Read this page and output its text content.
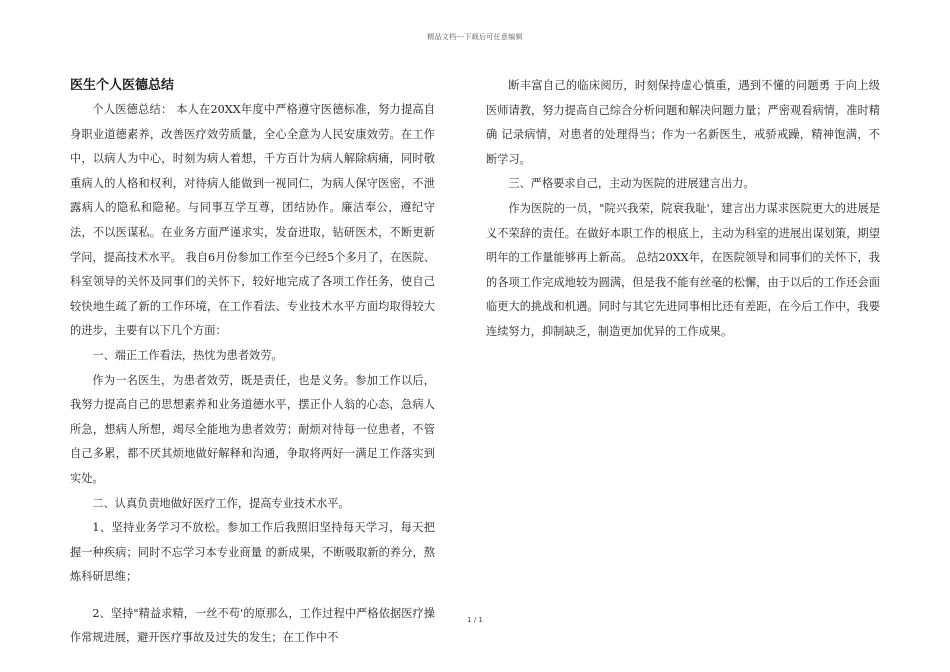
精品文档---下载后可任意编辑
医生个人医德总结

个人医德总结： 本人在20XX年度中严格遵守医德标准，努力提高自身职业道德素养，改善医疗效劳质量，全心全意为人民安康效劳。在工作中，以病人为中心，时刻为病人着想，千方百计为病人解除病痛，同时敬重病人的人格和权利，对待病人能做到一视同仁，为病人保守医密，不泄露病人的隐私和隐秘。与同事互学互尊，团结协作。廉洁奉公，遵纪守法，不以医谋私。在业务方面严谨求实，发奋进取，钻研医术，不断更新学问，提高技术水平。 我自6月份参加工作至今已经5个多月了，在医院、科室领导的关怀及同事们的关怀下，较好地完成了各项工作任务，使自己较快地生疏了新的工作环境，在工作看法、专业技术水平方面均取得较大的进步，主要有以下几个方面：

一、端正工作看法，热忱为患者效劳。

作为一名医生，为患者效劳，既是责任，也是义务。参加工作以后，我努力提高自己的思想素养和业务道德水平，摆正仆人翁的心态，急病人所急，想病人所想，竭尽全能地为患者效劳；耐烦对待每一位患者，不管自己多累，都不厌其烦地做好解释和沟通，争取将两好一满足工作落实到实处。

二、认真负责地做好医疗工作，提高专业技术水平。

1、坚持业务学习不放松。参加工作后我照旧坚持每天学习，每天把握一种疾病；同时不忘学习本专业商量 的新成果，不断吸取新的养分，熬炼科研思维；

2、坚持"精益求精，一丝不苟'的原那么，工作过程中严格依据医疗操作常规进展，避开医疗事故及过失的发生；在工作中不

断丰富自己的临床阅历，时刻保持虚心慎重，遇到不懂的问题勇 于向上级医师请教，努力提高自己综合分析问题和解决问题力量；严密观看病情，准时精确 记录病情，对患者的处理得当；作为一名新医生，戒骄戒躁，精神饱满，不断学习。

三、严格要求自己，主动为医院的进展建言出力。

作为医院的一员，"院兴我荣，院衰我耻'，建言出力谋求医院更大的进展是义不荣辞的责任。在做好本职工作的根底上，主动为科室的进展出谋划策，期望明年的工作量能够再上新高。 总结20XX年，在医院领导和同事们的关怀下，我的各项工作完成地较为圆满，但是我不能有丝毫的松懈，由于以后的工作还会面临更大的挑战和机遇。同时与其它先进同事相比还有差距，在今后工作中，我要连续努力，抑制缺乏，制造更加优异的工作成果。

1 / 1
